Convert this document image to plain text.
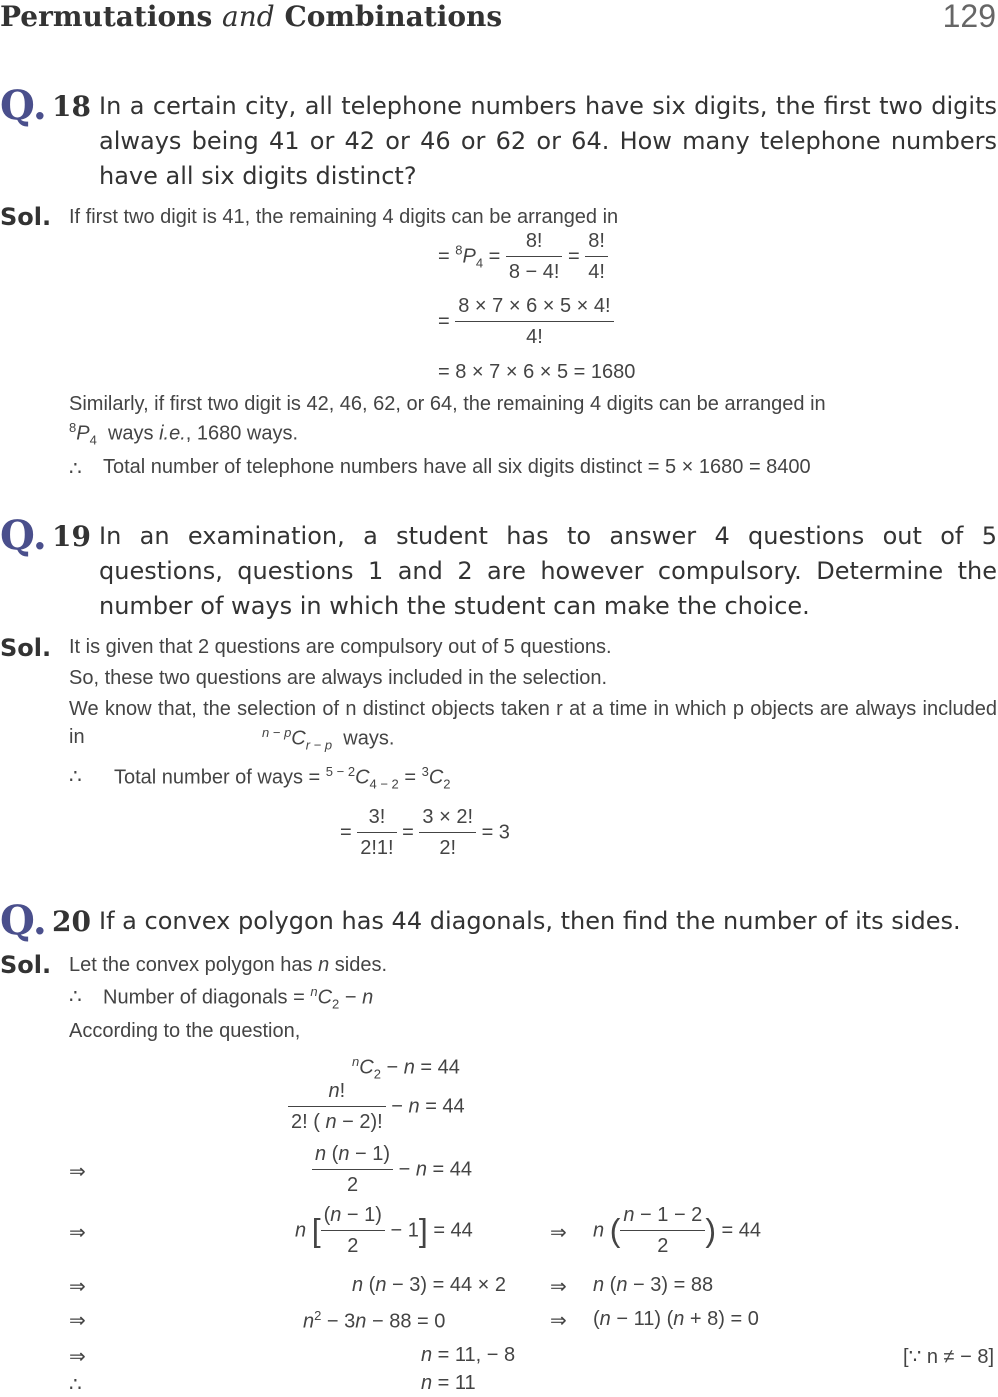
Permutations and Combinations	129
Q. 18 In a certain city, all telephone numbers have six digits, the first two digits always being 41 or 42 or 46 or 62 or 64. How many telephone numbers have all six digits distinct?
Sol. If first two digit is 41, the remaining 4 digits can be arranged in
= $^8P_4 = \frac{8!}{8 - 4!} = \frac{8!}{4!}$
= $\frac{8 \times 7 \times 6 \times 5 \times 4!}{4!}$
= 8 × 7 × 6 × 5 = 1680
Similarly, if first two digit is 42, 46, 62, or 64, the remaining 4 digits can be arranged in
$^8P_4$ ways i.e., 1680 ways.
∴ Total number of telephone numbers have all six digits distinct = 5 × 1680 = 8400
Q. 19 In an examination, a student has to answer 4 questions out of 5 questions, questions 1 and 2 are however compulsory. Determine the number of ways in which the student can make the choice.
Sol. It is given that 2 questions are compulsory out of 5 questions.
So, these two questions are always included in the selection.
We know that, the selection of n distinct objects taken r at a time in which p objects are always included in	$^{n - p}C_{r - p}$ ways.
∴ Total number of ways = $^{5 - 2}C_{4 - 2} = ^3C_2$
= $\frac{3!}{2!1!} = \frac{3 \times 2!}{2!} = 3$
Q. 20 If a convex polygon has 44 diagonals, then find the number of its sides.
Sol. Let the convex polygon has n sides.
∴ Number of diagonals = $^nC_2 - n$
According to the question,
$^nC_2 - n = 44$
$\frac{n!}{2! ( n - 2)!} - n = 44$
⇒	$\frac{n (n - 1)}{2} - n = 44$
⇒	n [ $\frac{(n - 1)}{2} - 1] = 44$	⇒ n ( $\frac{n - 1 - 2}{2}$ ) = 44
⇒	n (n − 3) = 44 × 2 ⇒ n (n − 3) = 88
⇒	$n^2 - 3n - 88 = 0$	⇒ (n − 11) (n + 8) = 0
⇒	n = 11, − 8	[∵ n ≠ − 8]
∴	n = 11
